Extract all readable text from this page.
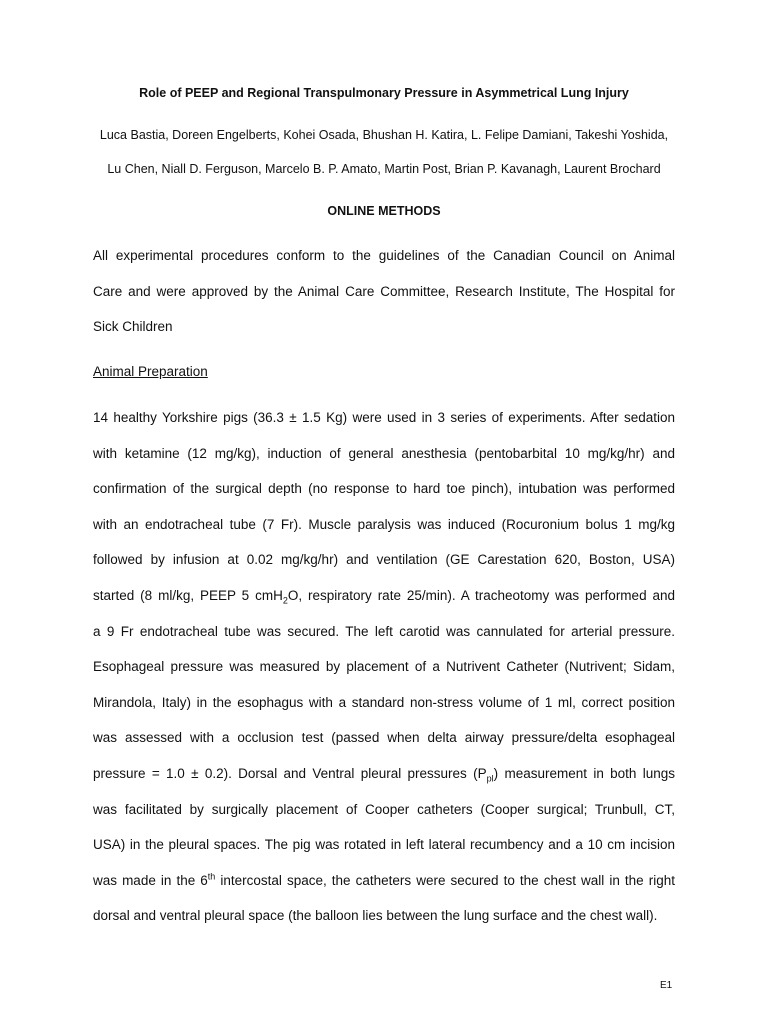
Role of PEEP and Regional Transpulmonary Pressure in Asymmetrical Lung Injury
Luca Bastia, Doreen Engelberts, Kohei Osada, Bhushan H. Katira, L. Felipe Damiani, Takeshi Yoshida,
Lu Chen, Niall D. Ferguson, Marcelo B. P. Amato, Martin Post, Brian P. Kavanagh, Laurent Brochard
ONLINE METHODS
All experimental procedures conform to the guidelines of the Canadian Council on Animal
Care and were approved by the Animal Care Committee, Research Institute, The Hospital for
Sick Children
Animal Preparation
14 healthy Yorkshire pigs (36.3 ± 1.5 Kg) were used in 3 series of experiments. After sedation
with ketamine (12 mg/kg), induction of general anesthesia (pentobarbital 10 mg/kg/hr) and
confirmation of the surgical depth (no response to hard toe pinch), intubation was performed
with an endotracheal tube (7 Fr). Muscle paralysis was induced (Rocuronium bolus 1 mg/kg
followed by infusion at 0.02 mg/kg/hr) and ventilation (GE Carestation 620, Boston, USA)
started (8 ml/kg, PEEP 5 cmH$_2$O, respiratory rate 25/min). A tracheotomy was performed and
a 9 Fr endotracheal tube was secured. The left carotid was cannulated for arterial pressure.
Esophageal pressure was measured by placement of a Nutrivent Catheter (Nutrivent; Sidam,
Mirandola, Italy) in the esophagus with a standard non-stress volume of 1 ml, correct position
was assessed with a occlusion test (passed when delta airway pressure/delta esophageal
pressure = 1.0 ± 0.2). Dorsal and Ventral pleural pressures $(P_{pl})$ measurement in both lungs
was facilitated by surgically placement of Cooper catheters (Cooper surgical; Trunbull, CT,
USA) in the pleural spaces. The pig was rotated in left lateral recumbency and a 10 cm incision
was made in the 6th intercostal space, the catheters were secured to the chest wall in the right
dorsal and ventral pleural space (the balloon lies between the lung surface and the chest wall).
E1
